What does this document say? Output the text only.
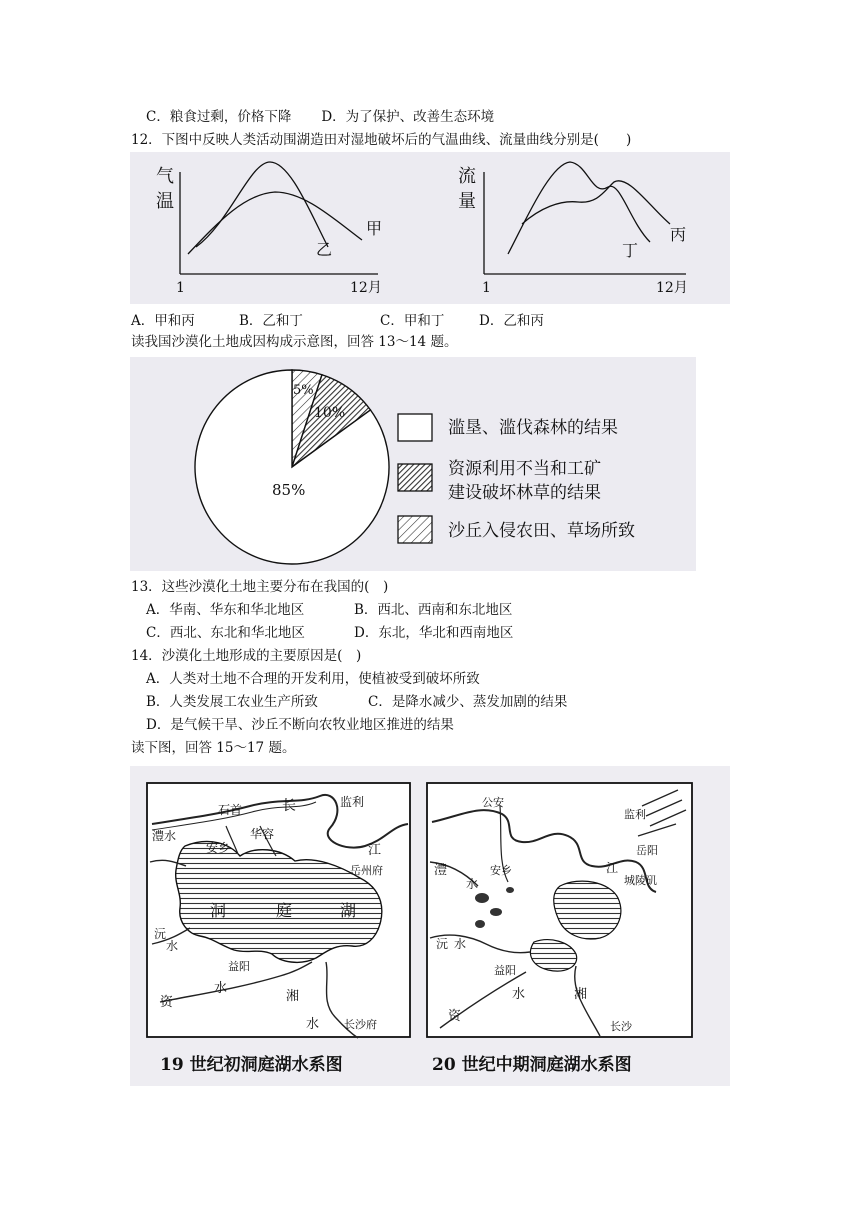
C．粮食过剩，价格下降 D．为了保护、改善生态环境
12．下图中反映人类活动围湖造田对湿地破坏后的气温曲线、流量曲线分别是(　　)
气
温
1	12月
甲
乙
流
量
1	12月
丙
丁
A．甲和丙	B．乙和丁	C．甲和丁	D．乙和丙
读我国沙漠化土地成因构成示意图，回答 13～14 题。
85%
10%
5%
滥垦、滥伐森林的结果
资源利用不当和工矿
建设破坏林草的结果
沙丘入侵农田、草场所致
13．这些沙漠化土地主要分布在我国的(　)
A．华南、华东和华北地区	B．西北、西南和东北地区
C．西北、东北和华北地区	D．东北，华北和西南地区
14．沙漠化土地形成的主要原因是(　)
A．人类对土地不合理的开发利用，使植被受到破坏所致
B．人类发展工农业生产所致	C．是降水减少、蒸发加剧的结果
D．是气候干旱、沙丘不断向农牧业地区推进的结果
读下图，回答 15～17 题。
长	监利
江
石首
华容
澧水
安乡
岳州府
洞	庭	湖
沅
水
益阳
资
水
湘
水 长沙府
19 世纪初洞庭湖水系图
公安
监利
澧
水
安乡	江
岳阳
城陵矶
沅 水
益阳
资
水	湘
长沙
20 世纪中期洞庭湖水系图
